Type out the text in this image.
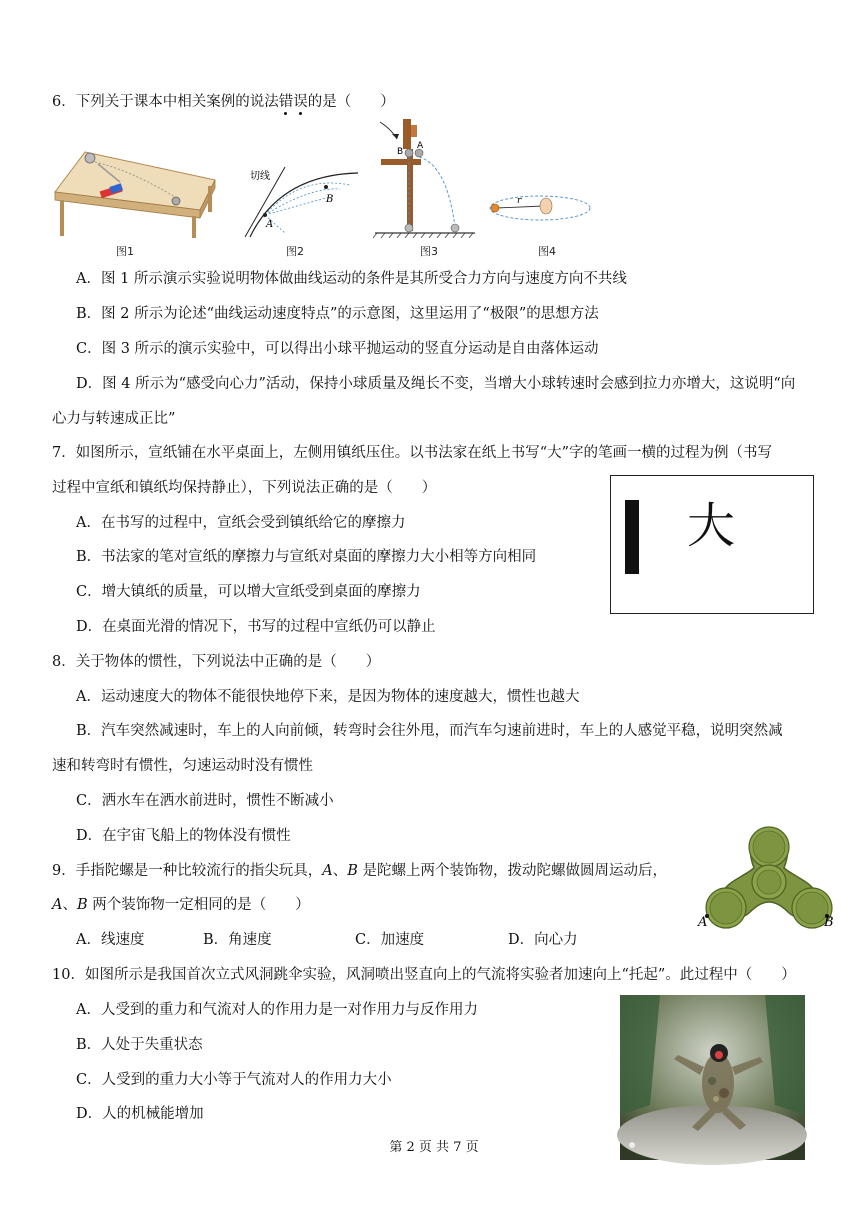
6．下列关于课本中相关案例的说法错误的是（　　）
图1
切线
A
B
图2
B
A
图3
r
图4
A．图 1 所示演示实验说明物体做曲线运动的条件是其所受合力方向与速度方向不共线
B．图 2 所示为论述“曲线运动速度特点”的示意图，这里运用了“极限”的思想方法
C．图 3 所示的演示实验中，可以得出小球平抛运动的竖直分运动是自由落体运动
D．图 4 所示为“感受向心力”活动，保持小球质量及绳长不变，当增大小球转速时会感到拉力亦增大，这说明“向
心力与转速成正比”
7．如图所示，宣纸铺在水平桌面上，左侧用镇纸压住。以书法家在纸上书写“大”字的笔画一横的过程为例（书写
过程中宣纸和镇纸均保持静止），下列说法正确的是（　　）
大
A．在书写的过程中，宣纸会受到镇纸给它的摩擦力
B．书法家的笔对宣纸的摩擦力与宣纸对桌面的摩擦力大小相等方向相同
C．增大镇纸的质量，可以增大宣纸受到桌面的摩擦力
D．在桌面光滑的情况下，书写的过程中宣纸仍可以静止
8．关于物体的惯性，下列说法中正确的是（　　）
A．运动速度大的物体不能很快地停下来，是因为物体的速度越大，惯性也越大
B．汽车突然减速时，车上的人向前倾，转弯时会往外甩，而汽车匀速前进时，车上的人感觉平稳，说明突然减
速和转弯时有惯性，匀速运动时没有惯性
C．洒水车在洒水前进时，惯性不断减小
D．在宇宙飞船上的物体没有惯性
9．手指陀螺是一种比较流行的指尖玩具，A、B 是陀螺上两个装饰物，拨动陀螺做圆周运动后，
A、B 两个装饰物一定相同的是（　　）
A	B
A．线速度	B．角速度	C．加速度	D．向心力
10．如图所示是我国首次立式风洞跳伞实验，风洞喷出竖直向上的气流将实验者加速向上“托起”。此过程中（　　）
A．人受到的重力和气流对人的作用力是一对作用力与反作用力
B．人处于失重状态
C．人受到的重力大小等于气流对人的作用力大小
D．人的机械能增加
第 2 页 共 7 页
